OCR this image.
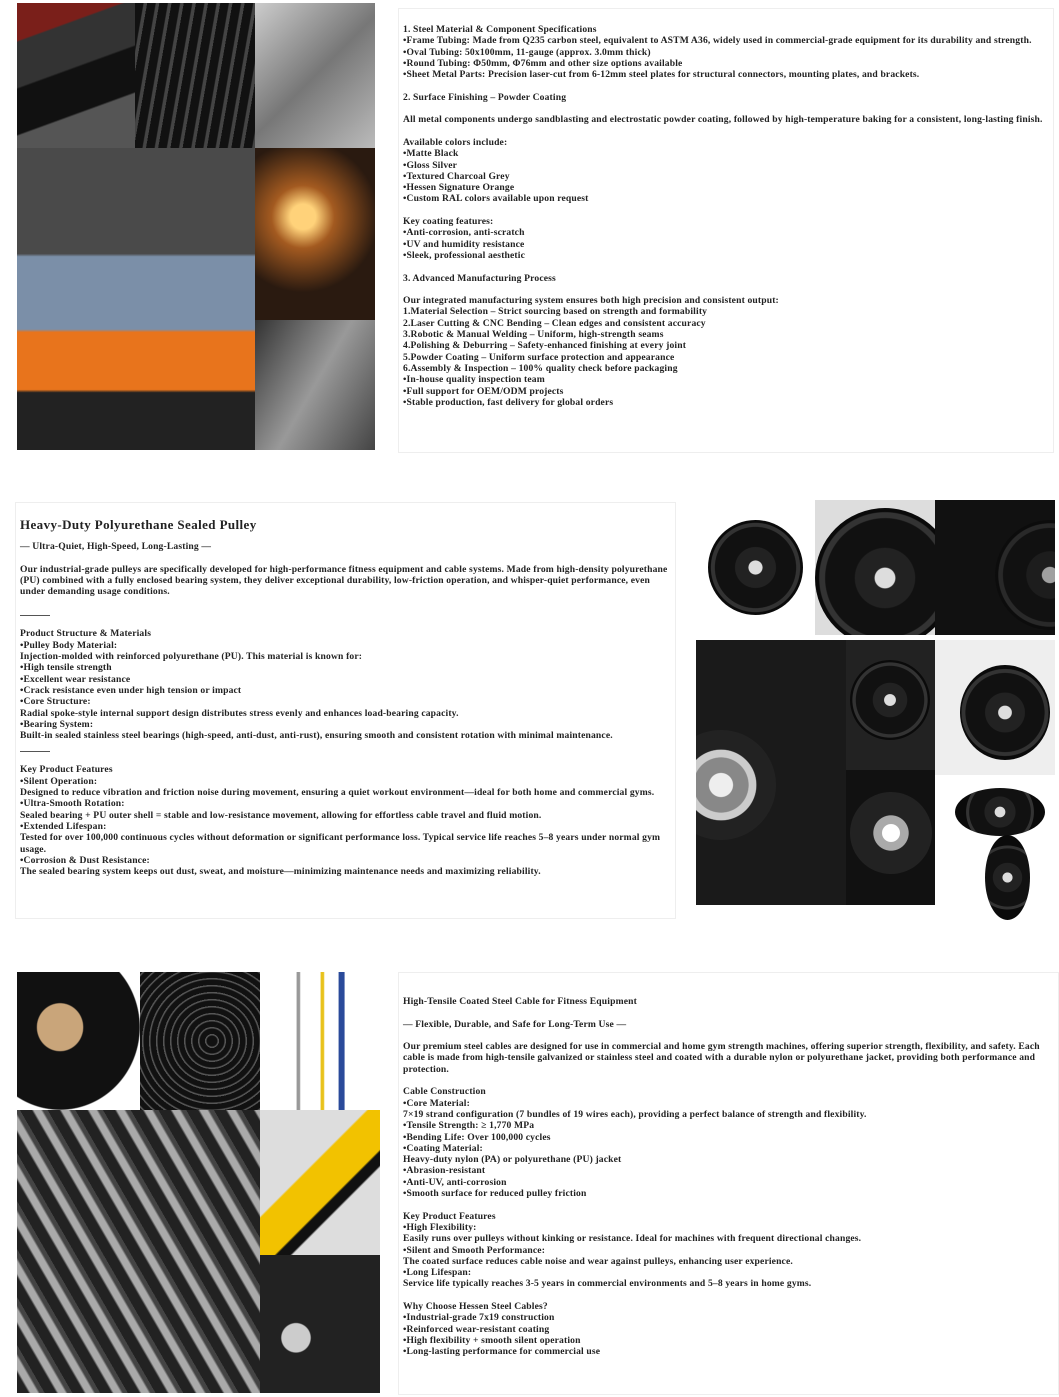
1. Steel Material & Component Specifications

•Frame Tubing: Made from Q235 carbon steel, equivalent to ASTM A36, widely used in commercial-grade equipment for its durability and strength.

•Oval Tubing: 50x100mm, 11-gauge (approx. 3.0mm thick)

•Round Tubing: Φ50mm, Φ76mm and other size options available

•Sheet Metal Parts: Precision laser-cut from 6-12mm steel plates for structural connectors, mounting plates, and brackets.

2. Surface Finishing – Powder Coating

All metal components undergo sandblasting and electrostatic powder coating, followed by high-temperature baking for a consistent, long-lasting finish.

Available colors include:

•Matte Black

•Gloss Silver

•Textured Charcoal Grey

•Hessen Signature Orange

•Custom RAL colors available upon request

Key coating features:

•Anti-corrosion, anti-scratch

•UV and humidity resistance

•Sleek, professional aesthetic

3. Advanced Manufacturing Process

Our integrated manufacturing system ensures both high precision and consistent output:

1.Material Selection – Strict sourcing based on strength and formability

2.Laser Cutting & CNC Bending – Clean edges and consistent accuracy

3.Robotic & Manual Welding – Uniform, high-strength seams

4.Polishing & Deburring – Safety-enhanced finishing at every joint

5.Powder Coating – Uniform surface protection and appearance

6.Assembly & Inspection – 100% quality check before packaging

•In-house quality inspection team

•Full support for OEM/ODM projects

•Stable production, fast delivery for global orders

Heavy-Duty Polyurethane Sealed Pulley

— Ultra-Quiet, High-Speed, Long-Lasting —

Our industrial-grade pulleys are specifically developed for high-performance fitness equipment and cable systems. Made from high-density polyurethane (PU) combined with a fully enclosed bearing system, they deliver exceptional durability, low-friction operation, and whisper-quiet performance, even under demanding usage conditions.

Product Structure & Materials

•Pulley Body Material:

Injection-molded with reinforced polyurethane (PU). This material is known for:

•High tensile strength

•Excellent wear resistance

•Crack resistance even under high tension or impact

•Core Structure:

Radial spoke-style internal support design distributes stress evenly and enhances load-bearing capacity.

•Bearing System:

Built-in sealed stainless steel bearings (high-speed, anti-dust, anti-rust), ensuring smooth and consistent rotation with minimal maintenance.

Key Product Features

•Silent Operation:

Designed to reduce vibration and friction noise during movement, ensuring a quiet workout environment—ideal for both home and commercial gyms.

•Ultra-Smooth Rotation:

Sealed bearing + PU outer shell = stable and low-resistance movement, allowing for effortless cable travel and fluid motion.

•Extended Lifespan:

Tested for over 100,000 continuous cycles without deformation or significant performance loss. Typical service life reaches 5–8 years under normal gym usage.

•Corrosion & Dust Resistance:

The sealed bearing system keeps out dust, sweat, and moisture—minimizing maintenance needs and maximizing reliability.

High-Tensile Coated Steel Cable for Fitness Equipment

— Flexible, Durable, and Safe for Long-Term Use —

Our premium steel cables are designed for use in commercial and home gym strength machines, offering superior strength, flexibility, and safety. Each cable is made from high-tensile galvanized or stainless steel and coated with a durable nylon or polyurethane jacket, providing both performance and protection.

Cable Construction

•Core Material:

7×19 strand configuration (7 bundles of 19 wires each), providing a perfect balance of strength and flexibility.

•Tensile Strength: ≥ 1,770 MPa

•Bending Life: Over 100,000 cycles

•Coating Material:

Heavy-duty nylon (PA) or polyurethane (PU) jacket

•Abrasion-resistant

•Anti-UV, anti-corrosion

•Smooth surface for reduced pulley friction

Key Product Features

•High Flexibility:

Easily runs over pulleys without kinking or resistance. Ideal for machines with frequent directional changes.

•Silent and Smooth Performance:

The coated surface reduces cable noise and wear against pulleys, enhancing user experience.

•Long Lifespan:

Service life typically reaches 3-5 years in commercial environments and 5–8 years in home gyms.

Why Choose Hessen Steel Cables?

•Industrial-grade 7x19 construction

•Reinforced wear-resistant coating

•High flexibility + smooth silent operation

•Long-lasting performance for commercial use
